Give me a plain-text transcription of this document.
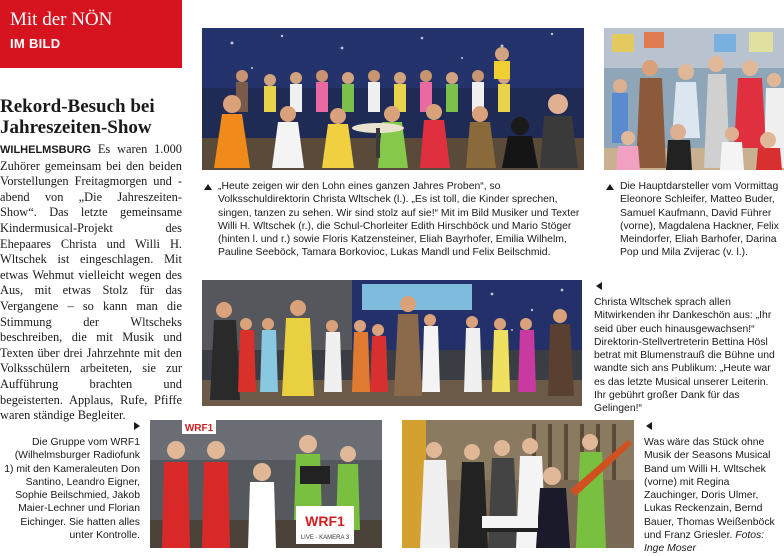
Mit der NÖN
IM BILD
Rekord-Besuch bei Jahreszeiten-Show
WILHELMSBURG Es waren 1.000 Zuhörer gemeinsam bei den beiden Vorstellungen Freitagmorgen und -abend von „Die Jahreszeiten-Show“. Das letzte gemeinsame Kindermusical-Projekt des Ehepaares Christa und Willi H. Wltschek ist eingeschlagen. Mit etwas Wehmut vielleicht wegen des Aus, mit etwas Stolz für das Vergangene – so kann man die Stimmung der Wltscheks beschreiben, die mit Musik und Texten über drei Jahrzehnte mit den Volksschülern arbeiteten, sie zur Aufführung brachten und begeisterten. Applaus, Rufe, Pfiffe waren ständige Begleiter.
„Heute zeigen wir den Lohn eines ganzen Jahres Proben“, so Volksschuldirektorin Christa Wltschek (l.). „Es ist toll, die Kinder sprechen, singen, tanzen zu sehen. Wir sind stolz auf sie!“ Mit im Bild Musiker und Texter Willi H. Wltschek (r.), die Schul-Chorleiter Edith Hirschböck und Mario Stöger (hinten l. und r.) sowie Floris Katzensteiner, Eliah Bayrhofer, Emilia Wilhelm, Pauline Seeböck, Tamara Borkovioc, Lukas Mandl und Felix Beilschmid.
Die Hauptdarsteller vom Vormittag Eleonore Schleifer, Matteo Buder, Samuel Kaufmann, David Führer (vorne), Magdalena Hackner, Felix Meindorfer, Eliah Barhofer, Darina Pop und Mila Zvijerac (v. l.).
Christa Wltschek sprach allen Mitwirkenden ihr Dankeschön aus: „Ihr seid über euch hinausgewachsen!“ Direktorin-Stellvertreterin Bettina Hösl betrat mit Blumenstrauß die Bühne und wandte sich ans Publikum: „Heute war es das letzte Musical unserer Leiterin. Ihr gebührt großer Dank für das Gelingen!“
Die Gruppe vom WRF1 (Wilhelmsburger Radiofunk 1) mit den Kameraleuten Don Santino, Leandro Eigner, Sophie Beilschmied, Jakob Maier-Lechner und Florian Eichinger. Sie hatten alles unter Kontrolle.
WRF1
WRF1
LIVE - KAMERA 3
Was wäre das Stück ohne Musik der Seasons Musical Band um Willi H. Wltschek (vorne) mit Regina Zauchinger, Doris Ulmer, Lukas Reckenzain, Bernd Bauer, Thomas Weißenböck und Franz Griesler. Fotos: Inge Moser
